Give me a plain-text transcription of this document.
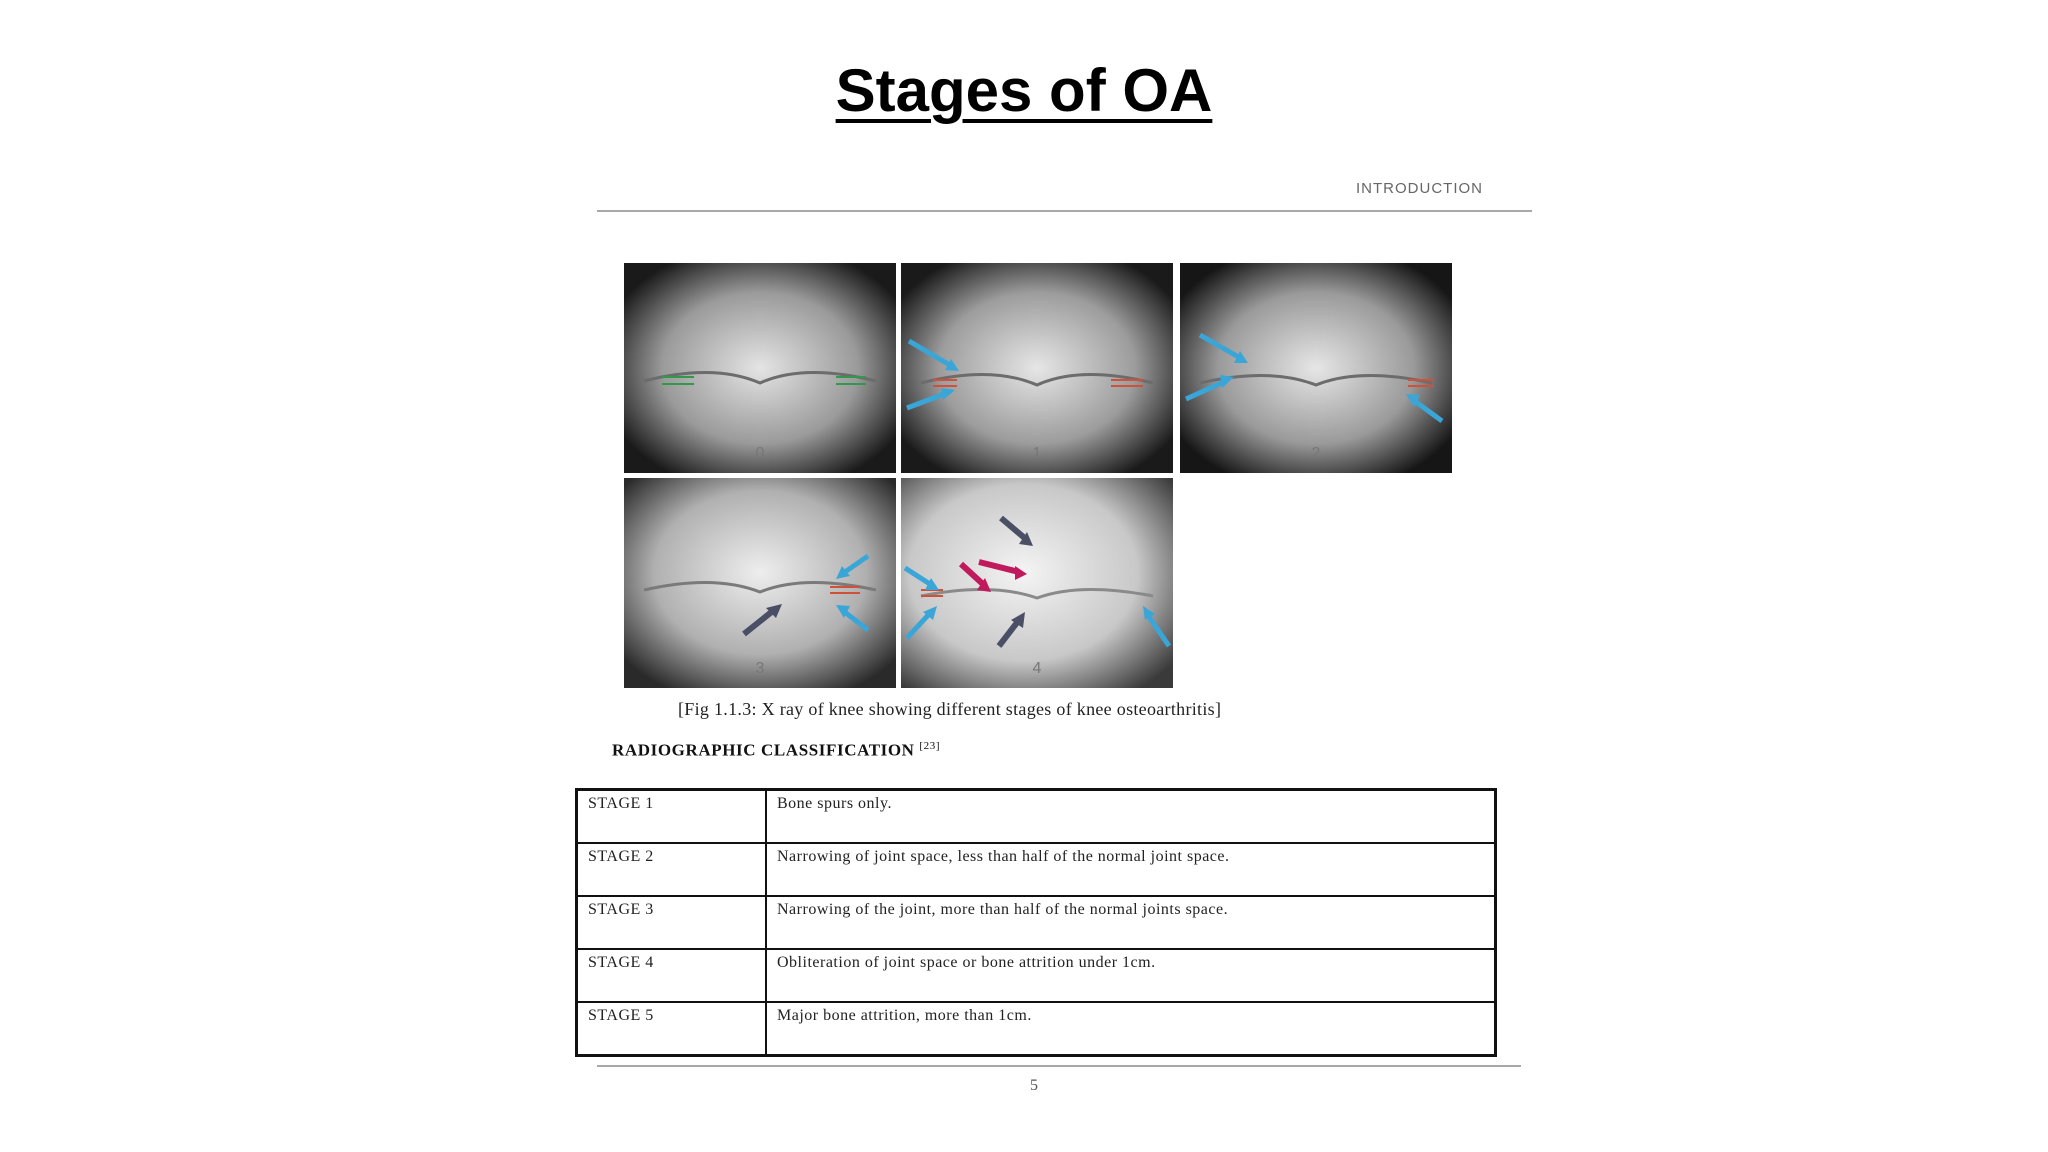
Stages of OA
INTRODUCTION
0	1	2
3	4
[Fig 1.1.3: X ray of knee showing different stages of knee osteoarthritis]
RADIOGRAPHIC CLASSIFICATION [23]
STAGE 1	Bone spurs only.
STAGE 2	Narrowing of joint space, less than half of the normal joint space.
STAGE 3	Narrowing of the joint, more than half of the normal joints space.
STAGE 4	Obliteration of joint space or bone attrition under 1cm.
STAGE 5	Major bone attrition, more than 1cm.
5
